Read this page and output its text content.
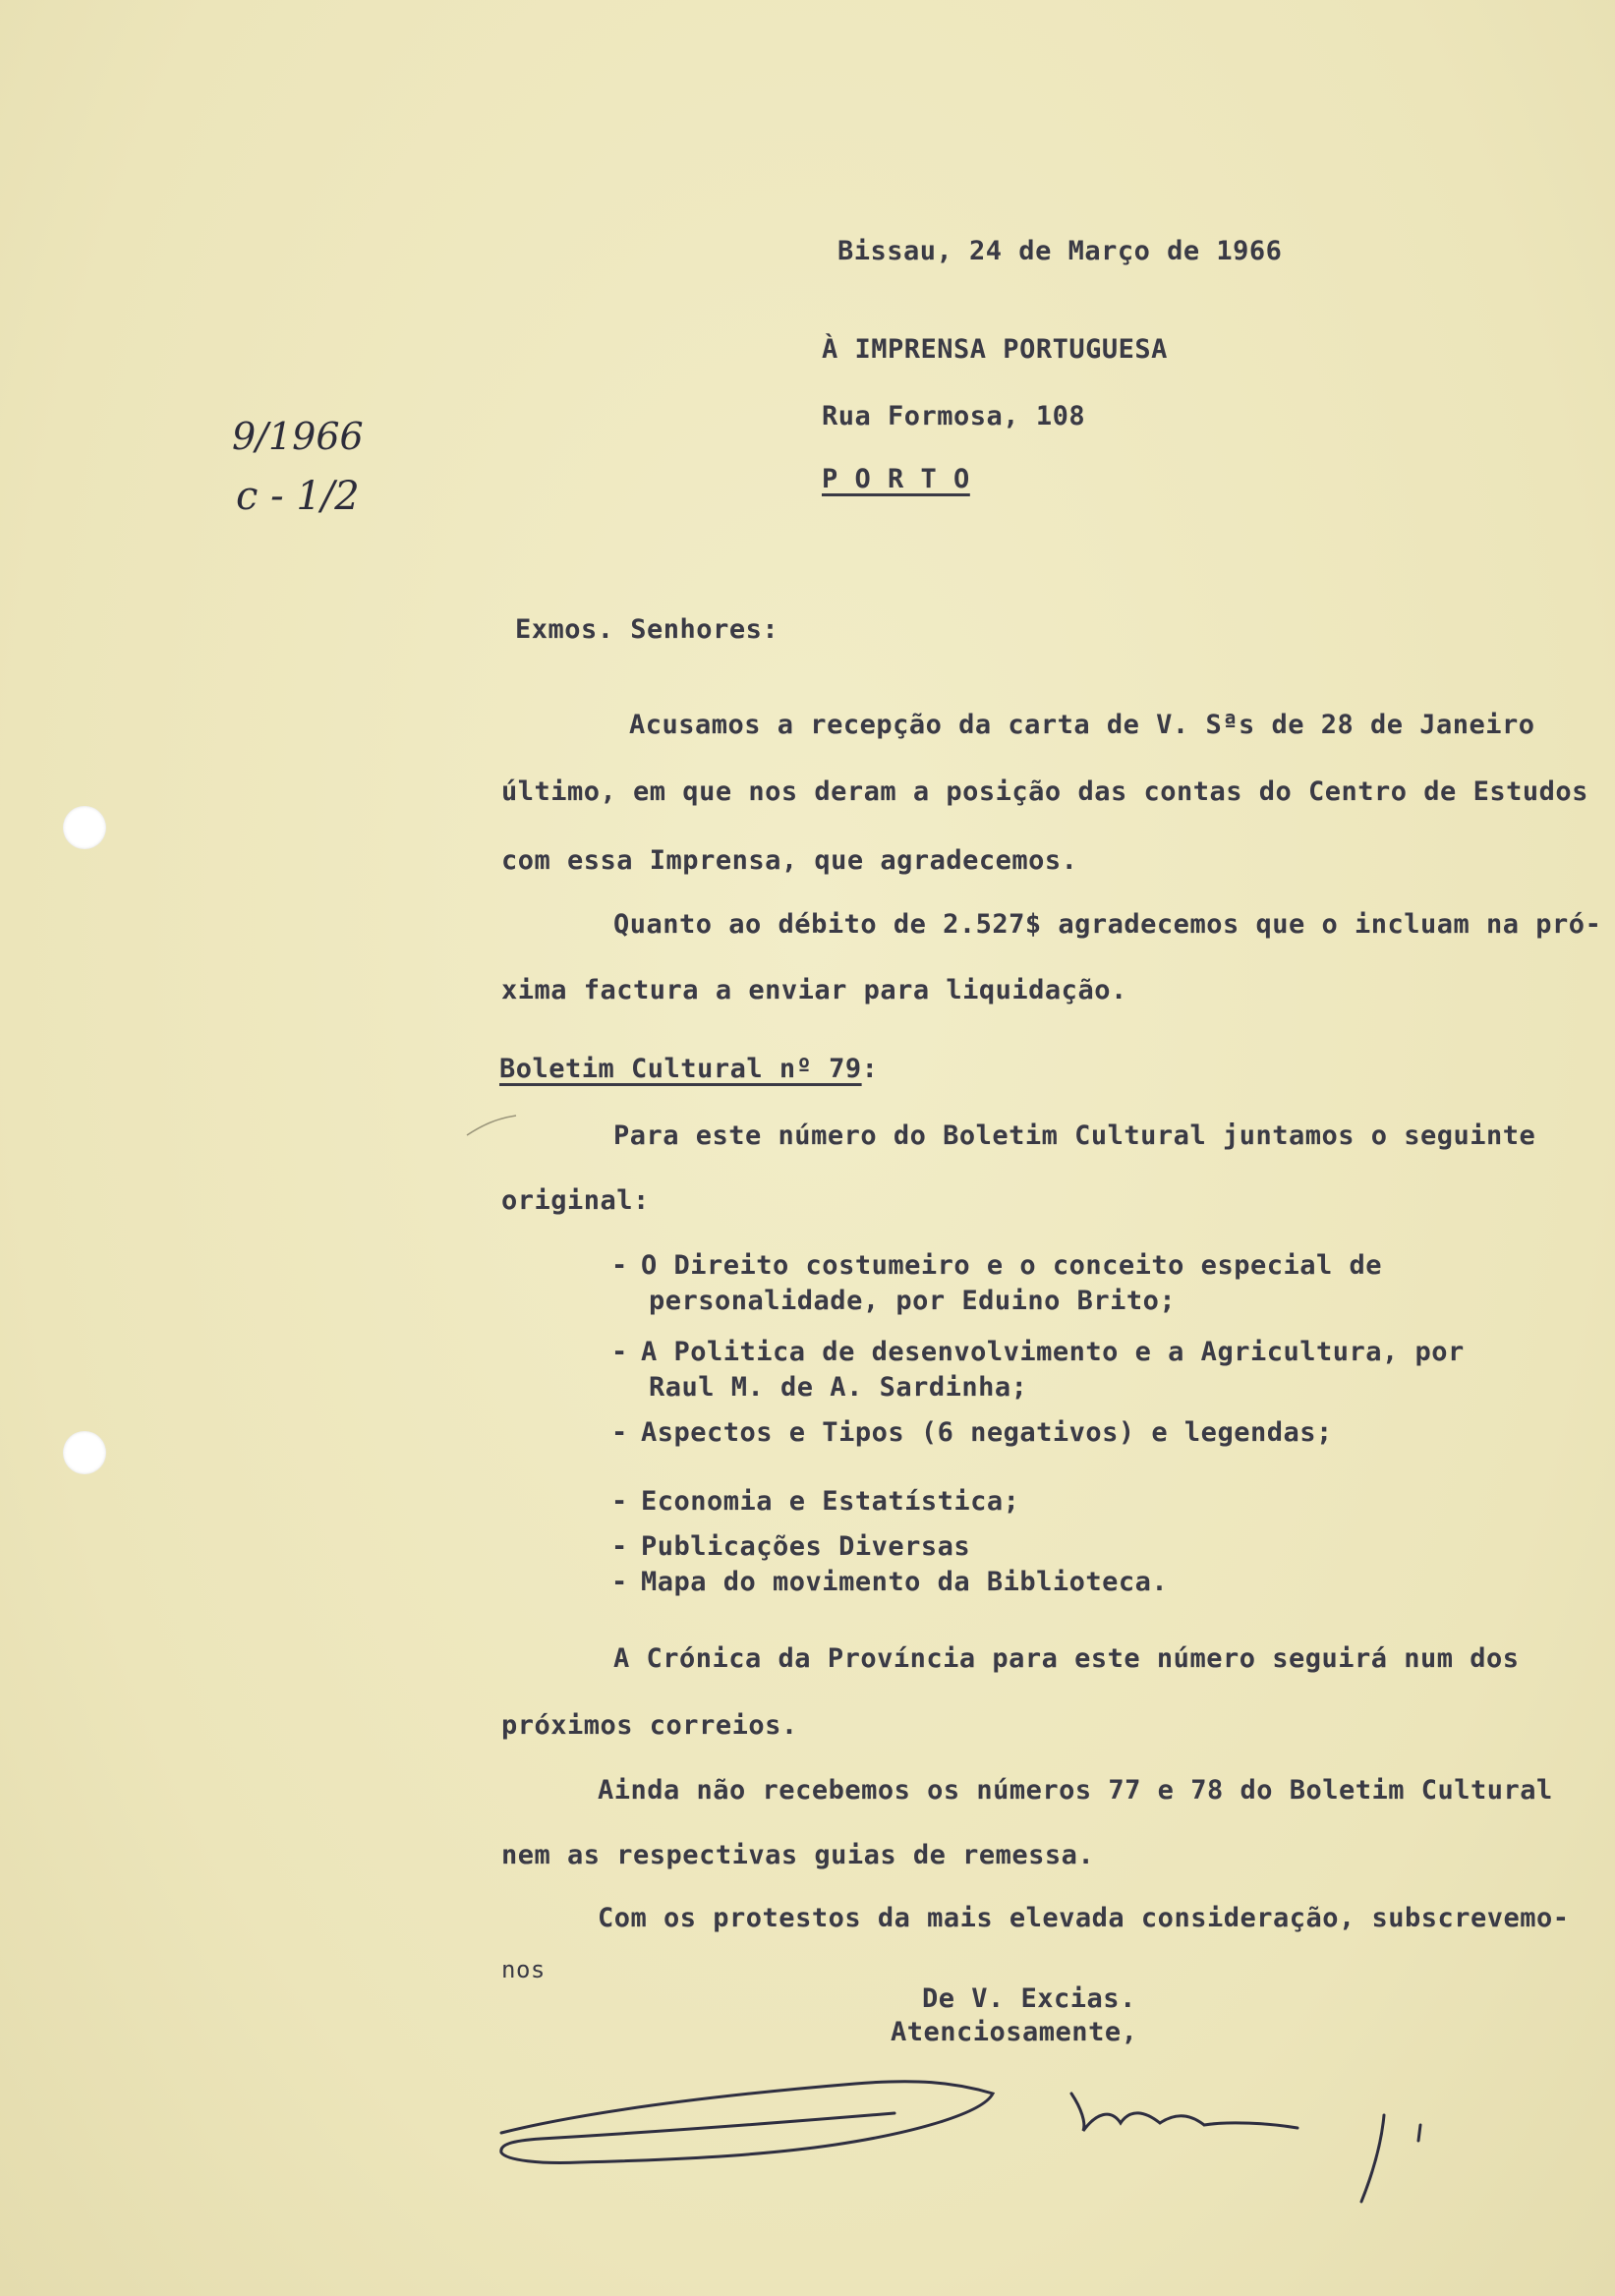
Bissau, 24 de Março de 1966
À IMPRENSA PORTUGUESA
Rua Formosa, 108
P O R T O
9/1966
c - 1/2
Exmos. Senhores:
Acusamos a recepção da carta de V. Sªs de 28 de Janeiro
último, em que nos deram a posição das contas do Centro de Estudos
com essa Imprensa, que agradecemos.
Quanto ao débito de 2.527$ agradecemos que o incluam na pró-
xima factura a enviar para liquidação.
Boletim Cultural nº 79:
Para este número do Boletim Cultural juntamos o seguinte
original:
- O Direito costumeiro e o conceito especial de
personalidade, por Eduino Brito;
- A Politica de desenvolvimento e a Agricultura, por
Raul M. de A. Sardinha;
- Aspectos e Tipos (6 negativos) e legendas;
- Economia e Estatística;
- Publicações Diversas
- Mapa do movimento da Biblioteca.
A Crónica da Província para este número seguirá num dos
próximos correios.
Ainda não recebemos os números 77 e 78 do Boletim Cultural
nem as respectivas guias de remessa.
Com os protestos da mais elevada consideração, subscrevemo-
nos
De V. Excias.
Atenciosamente,
